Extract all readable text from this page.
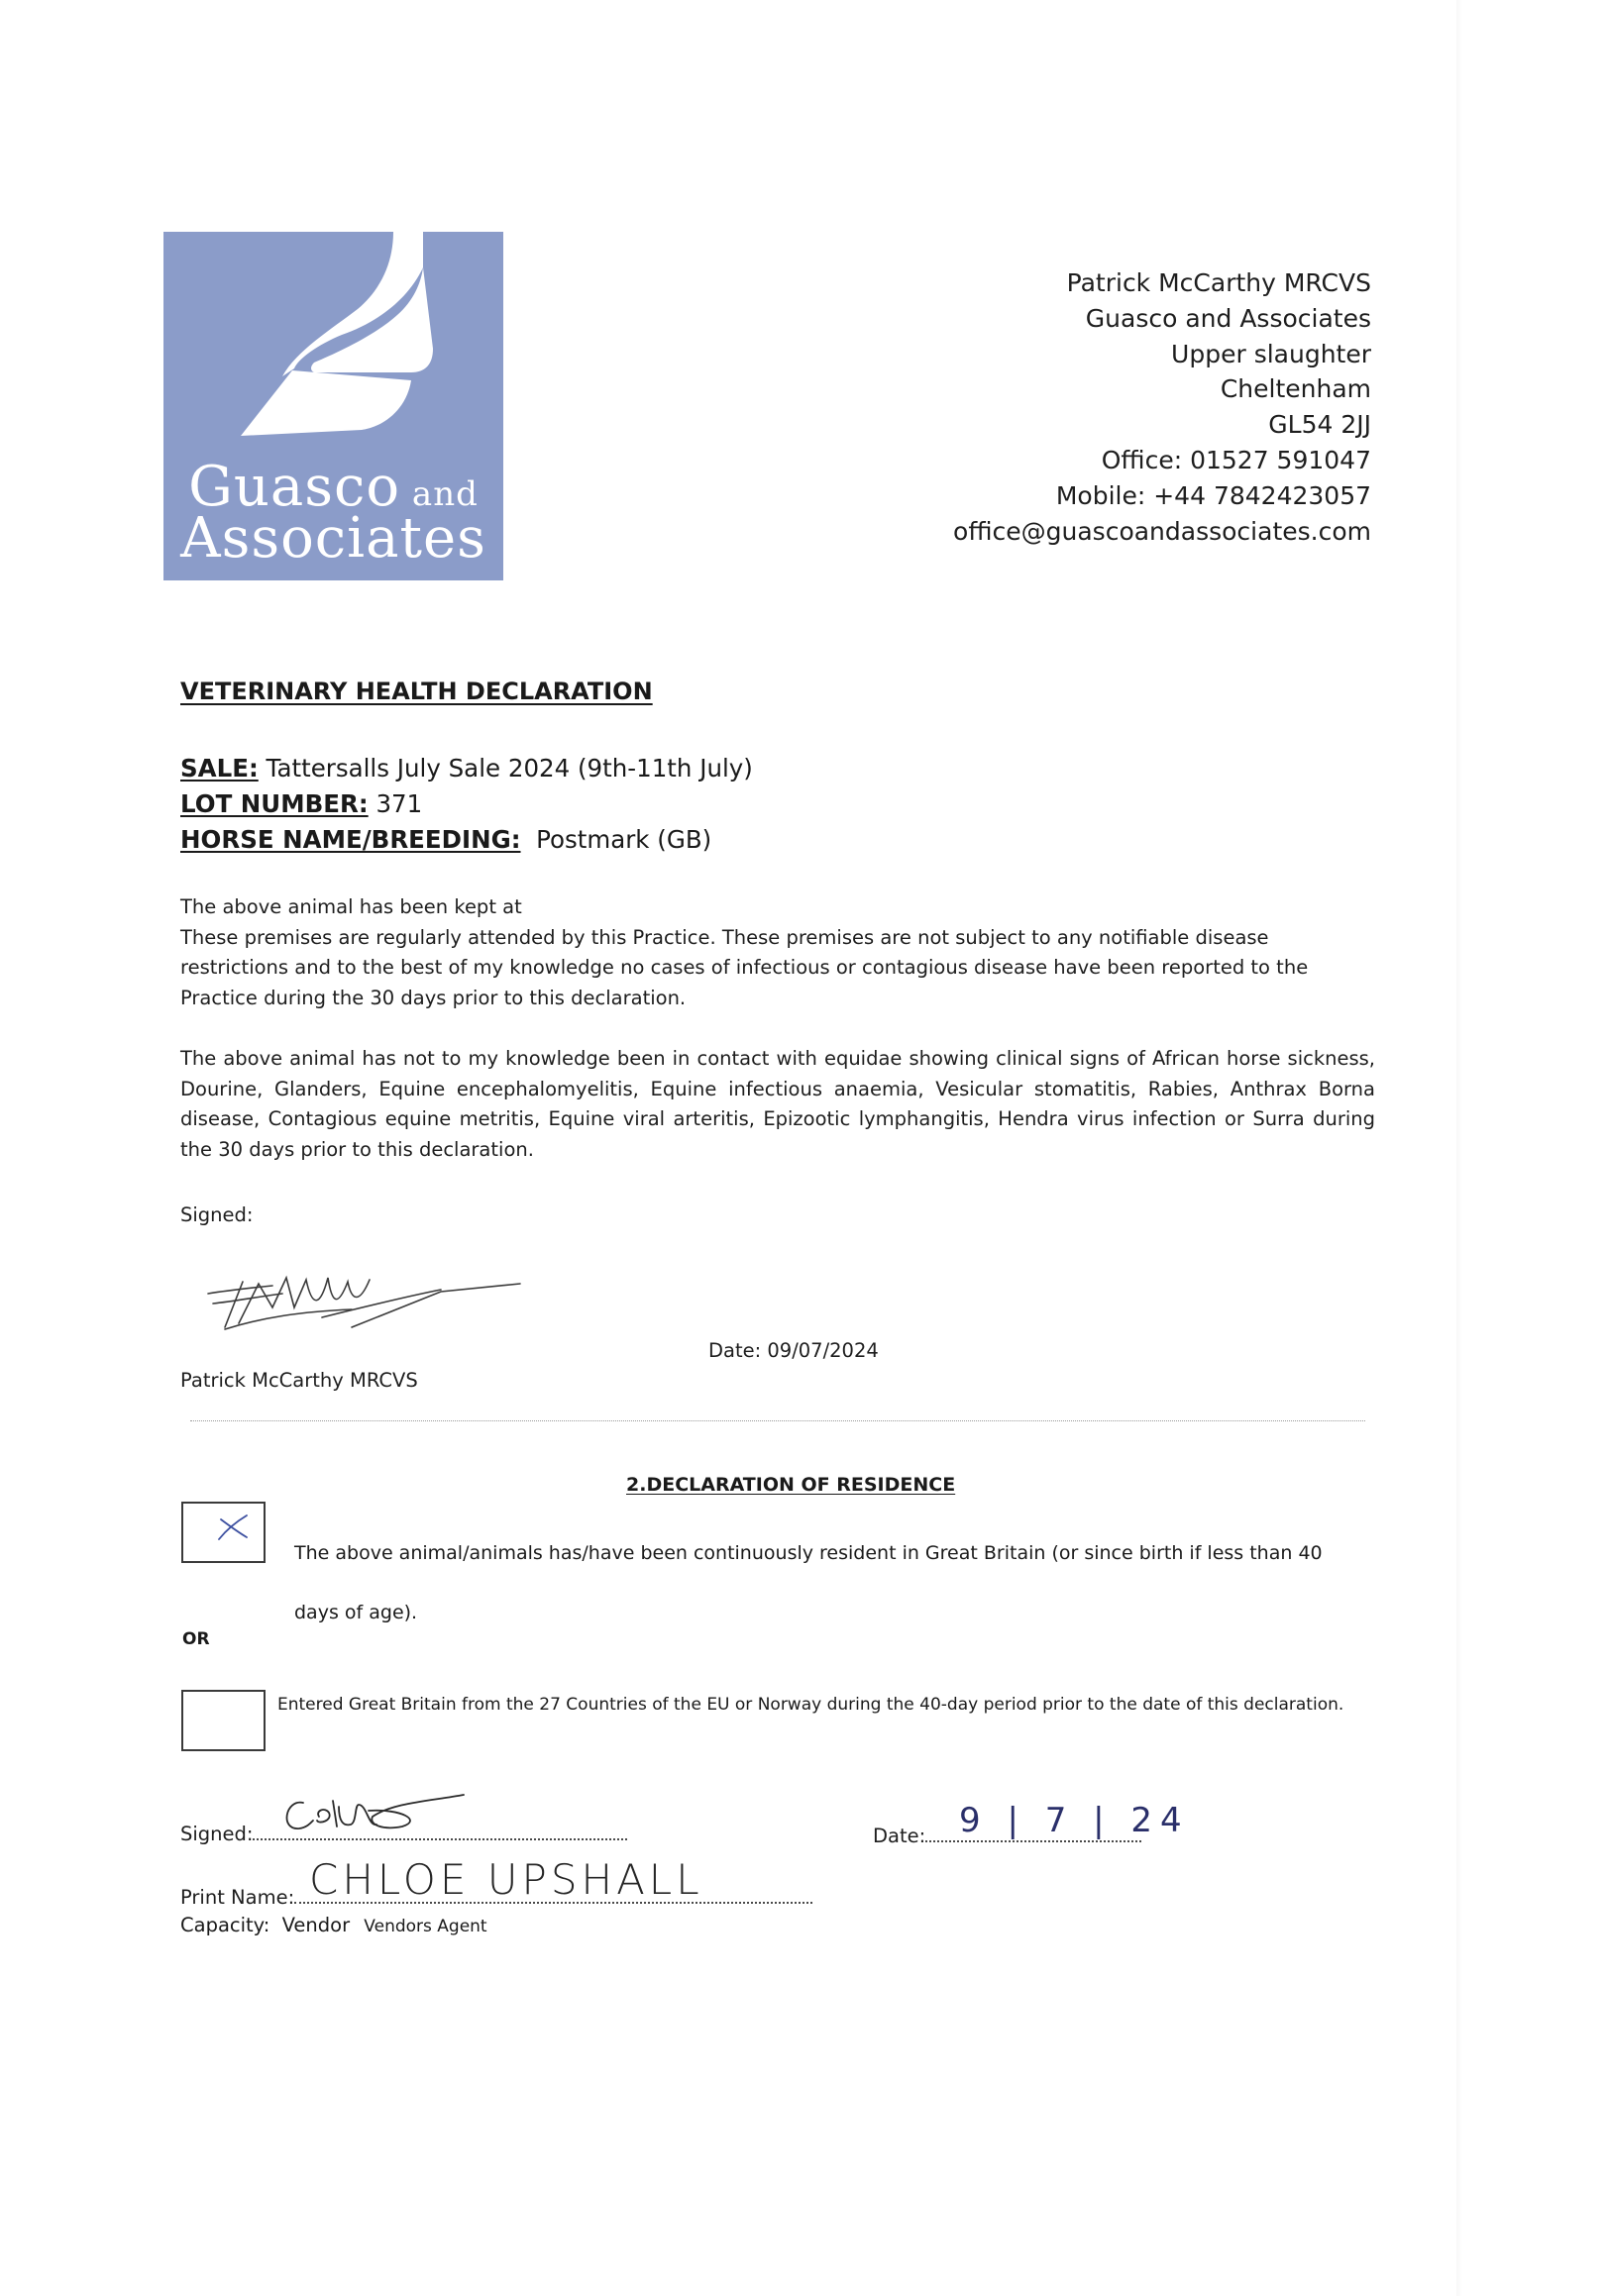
Guasco and
Associates
Patrick McCarthy MRCVS
Guasco and Associates
Upper slaughter
Cheltenham
GL54 2JJ
Office: 01527 591047
Mobile: +44 7842423057
office@guascoandassociates.com
VETERINARY HEALTH DECLARATION
SALE: Tattersalls July Sale 2024 (9th-11th July)
LOT NUMBER: 371
HORSE NAME/BREEDING:  Postmark (GB)

The above animal has been kept at

These premises are regularly attended by this Practice. These premises are not subject to any notifiable disease restrictions and to the best of my knowledge no cases of infectious or contagious disease have been reported to the Practice during the 30 days prior to this declaration.

The above animal has not to my knowledge been in contact with equidae showing clinical signs of African horse sickness, Dourine, Glanders, Equine encephalomyelitis, Equine infectious anaemia, Vesicular stomatitis, Rabies, Anthrax Borna disease, Contagious equine metritis, Equine viral arteritis, Epizootic lymphangitis, Hendra virus infection or Surra during the 30 days prior to this declaration.

Signed:
Patrick McCarthy MRCVS
Date: 09/07/2024
2.DECLARATION OF RESIDENCE
The above animal/animals has/have been continuously resident in Great Britain (or since birth if less than 40
days of age).
OR
Entered Great Britain from the 27 Countries of the EU or Norway during the 40-day period prior to the date of this declaration.
Signed:	Date: 9 | 7 | 24
Print Name: CHLOE UPSHALL
Capacity: Vendor Vendors Agent
